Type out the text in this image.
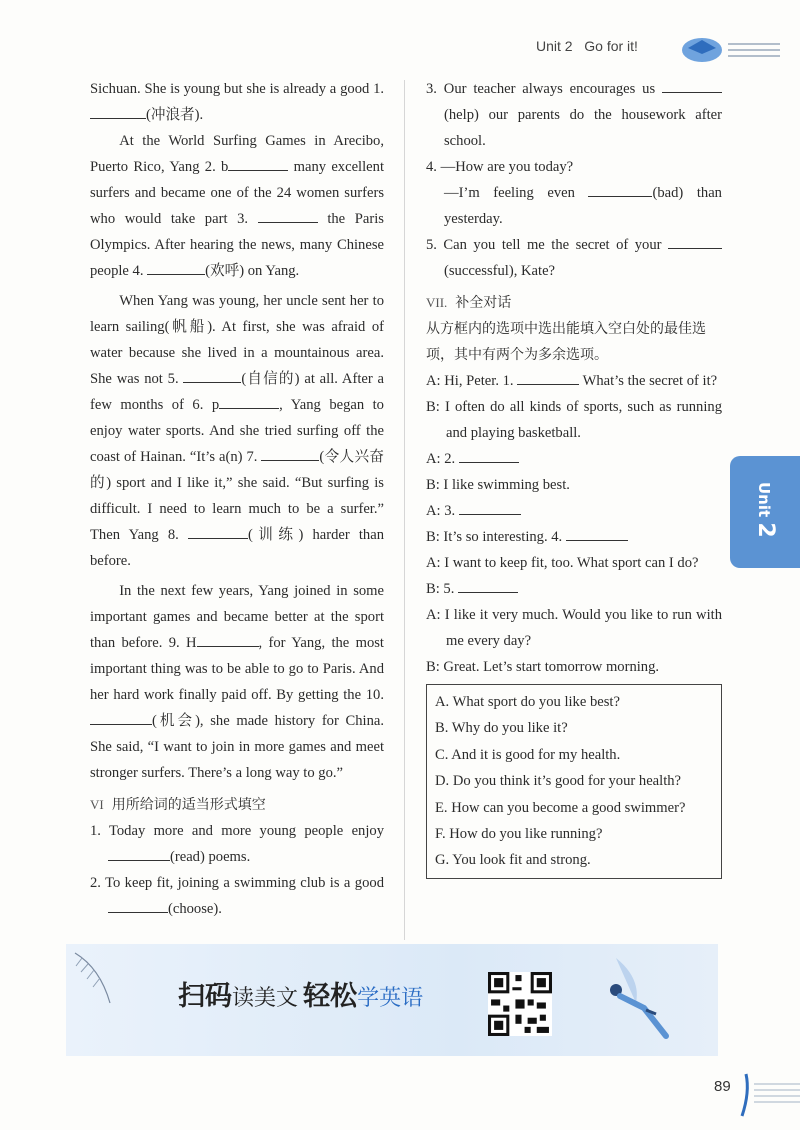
Unit 2 Go for it!

Sichuan. She is young but she is already a good 1. (冲浪者).

At the World Surfing Games in Arecibo, Puerto Rico, Yang 2. b	many excellent surfers and became one of the 24 women surfers who would take part 3.	the Paris Olympics. After hearing the news, many Chinese people 4.	(欢呼) on Yang.

When Yang was young, her uncle sent her to learn sailing(帆船). At first, she was afraid of water because she lived in a mountainous area. She was not 5.	(自信的) at all. After a few months of 6. p	, Yang began to enjoy water sports. And she tried surfing off the coast of Hainan. “It’s a(n) 7.	(令人兴奋的) sport and I like it,” she said. “But surfing is difficult. I need to learn much to be a surfer.” Then Yang 8.	(训练) harder than before.

In the next few years, Yang joined in some important games and became better at the sport than before. 9. H	, for Yang, the most important thing was to be able to go to Paris. And her hard work finally paid off. By getting the 10. (机会), she made history for China. She said, “I want to join in more games and meet stronger surfers. There’s a long way to go.”

VI 用所给词的适当形式填空

1. Today more and more young people enjoy (read) poems.

2. To keep fit, joining a swimming club is a good (choose).

3. Our teacher always encourages us  (help) our parents do the housework after school.

4. —How are you today?
—I’m feeling even	(bad) than yesterday.

5. Can you tell me the secret of your (successful), Kate?

VII. 补全对话
从方框内的选项中选出能填入空白处的最佳选项，其中有两个为多余选项。

A: Hi, Peter. 1.	What’s the secret of it?

B: I often do all kinds of sports, such as running and playing basketball.

A: 2.

B: I like swimming best.

A: 3.

B: It’s so interesting. 4.

A: I want to keep fit, too. What sport can I do?

B: 5.

A: I like it very much. Would you like to run with me every day?

B: Great. Let’s start tomorrow morning.

A. What sport do you like best?
B. Why do you like it?
C. And it is good for my health.
D. Do you think it’s good for your health?
E. How can you become a good swimmer?
F. How do you like running?
G. You look fit and strong.
Unit 2
扫码读美文 轻松学英语
89
